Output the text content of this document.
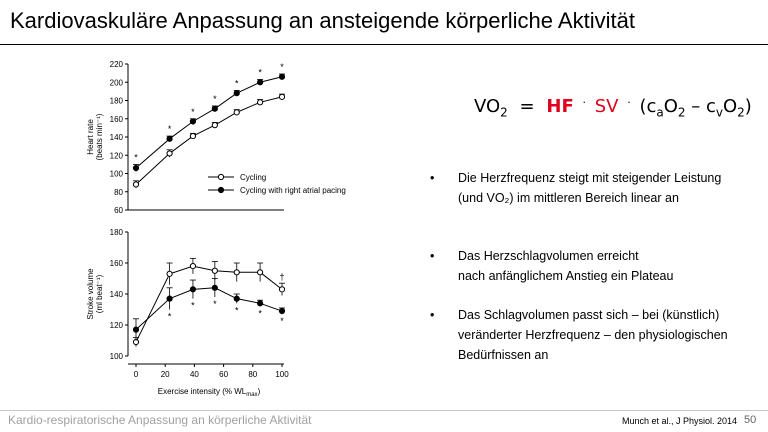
Kardiovaskuläre Anpassung an ansteigende körperliche Aktivität
60
80
100
120
140
160
180
200
220
Heart rate (beats min⁻¹)	*
*
*
*
*
*
*
Cycling
Cycling with right atrial pacing
100
120
140
160
180
Stroke volume (ml beat⁻¹)
0	20	40	60	80 100
Exercise intensity (% $WL_{max}$)
†
*
* *
* *
*
$VO_2$ = HF · SV · $(c_aO_2 - c_vO_2)$
• Die Herzfrequenz steigt mit steigender Leistung
(und VO₂) im mittleren Bereich linear an
• Das Herzschlagvolumen erreicht
nach anfänglichem Anstieg ein Plateau
• Das Schlagvolumen passt sich – bei (künstlich)
veränderter Herzfrequenz – den physiologischen
Bedürfnissen an
Kardio-respiratorische Anpassung an körperliche Aktivität	Munch et al., J Physiol. 2014 50
